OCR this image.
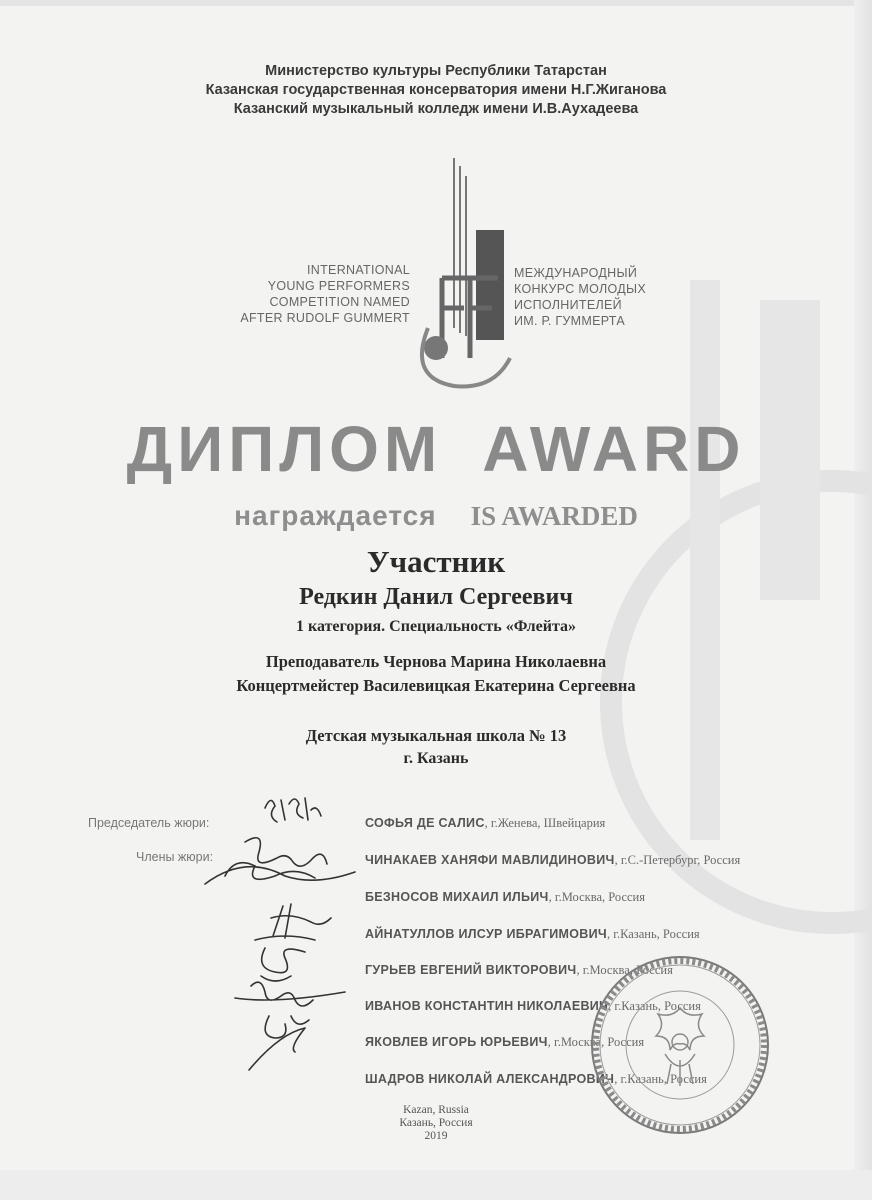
Министерство культуры Республики Татарстан
Казанская государственная консерватория имени Н.Г.Жиганова
Казанский музыкальный колледж имени И.В.Аухадеева
INTERNATIONAL
YOUNG PERFORMERS
COMPETITION NAMED
AFTER RUDOLF GUMMERT
МЕЖДУНАРОДНЫЙ
КОНКУРС МОЛОДЫХ
ИСПОЛНИТЕЛЕЙ
ИМ. Р. ГУММЕРТА
ДИПЛОМ AWARD
награждается IS AWARDED
Участник
Редкин Данил Сергеевич
1 категория. Специальность «Флейта»
Преподаватель Чернова Марина Николаевна
Концертмейстер Василевицкая Екатерина Сергеевна
Детская музыкальная школа № 13
г. Казань
Председатель жюри:
Члены жюри:
СОФЬЯ ДЕ САЛИС, г.Женева, Швейцария
ЧИНАКАЕВ ХАНЯФИ МАВЛИДИНОВИЧ, г.С.-Петербург, Россия
БЕЗНОСОВ МИХАИЛ ИЛЬИЧ, г.Москва, Россия
АЙНАТУЛЛОВ ИЛСУР ИБРАГИМОВИЧ, г.Казань, Россия
ГУРЬЕВ ЕВГЕНИЙ ВИКТОРОВИЧ, г.Москва, Россия
ИВАНОВ КОНСТАНТИН НИКОЛАЕВИЧ, г.Казань, Россия
ЯКОВЛЕВ ИГОРЬ ЮРЬЕВИЧ, г.Москва, Россия
ШАДРОВ НИКОЛАЙ АЛЕКСАНДРОВИЧ, г.Казань, Россия
Kazan, Russia
Казань, Россия
2019
